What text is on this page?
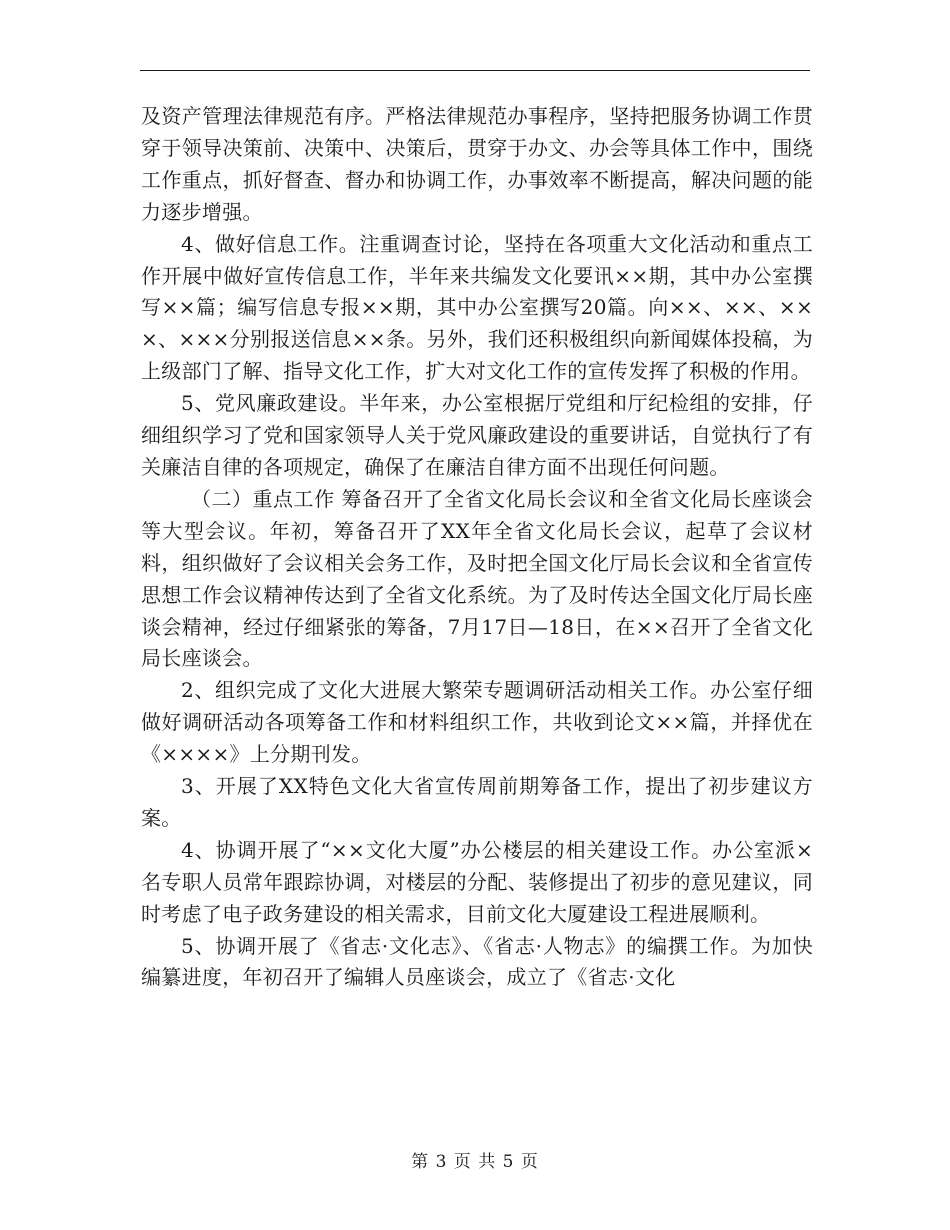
及资产管理法律规范有序。严格法律规范办事程序，坚持把服务协调工作贯穿于领导决策前、决策中、决策后，贯穿于办文、办会等具体工作中，围绕工作重点，抓好督查、督办和协调工作，办事效率不断提高，解决问题的能力逐步增强。

4、做好信息工作。注重调查讨论，坚持在各项重大文化活动和重点工作开展中做好宣传信息工作，半年来共编发文化要讯××期，其中办公室撰写××篇；编写信息专报××期，其中办公室撰写20篇。向××、××、×××、×××分别报送信息××条。另外，我们还积极组织向新闻媒体投稿，为上级部门了解、指导文化工作，扩大对文化工作的宣传发挥了积极的作用。

5、党风廉政建设。半年来，办公室根据厅党组和厅纪检组的安排，仔细组织学习了党和国家领导人关于党风廉政建设的重要讲话，自觉执行了有关廉洁自律的各项规定，确保了在廉洁自律方面不出现任何问题。

（二）重点工作 筹备召开了全省文化局长会议和全省文化局长座谈会等大型会议。年初，筹备召开了XX年全省文化局长会议，起草了会议材料，组织做好了会议相关会务工作，及时把全国文化厅局长会议和全省宣传思想工作会议精神传达到了全省文化系统。为了及时传达全国文化厅局长座谈会精神，经过仔细紧张的筹备，7月17日—18日，在××召开了全省文化局长座谈会。

2、组织完成了文化大进展大繁荣专题调研活动相关工作。办公室仔细做好调研活动各项筹备工作和材料组织工作，共收到论文××篇，并择优在《××××》上分期刊发。

3、开展了XX特色文化大省宣传周前期筹备工作，提出了初步建议方案。

4、协调开展了“××文化大厦”办公楼层的相关建设工作。办公室派×名专职人员常年跟踪协调，对楼层的分配、装修提出了初步的意见建议，同时考虑了电子政务建设的相关需求，目前文化大厦建设工程进展顺利。

5、协调开展了《省志·文化志》、《省志·人物志》的编撰工作。为加快编纂进度，年初召开了编辑人员座谈会，成立了《省志·文化

第 3 页 共 5 页
